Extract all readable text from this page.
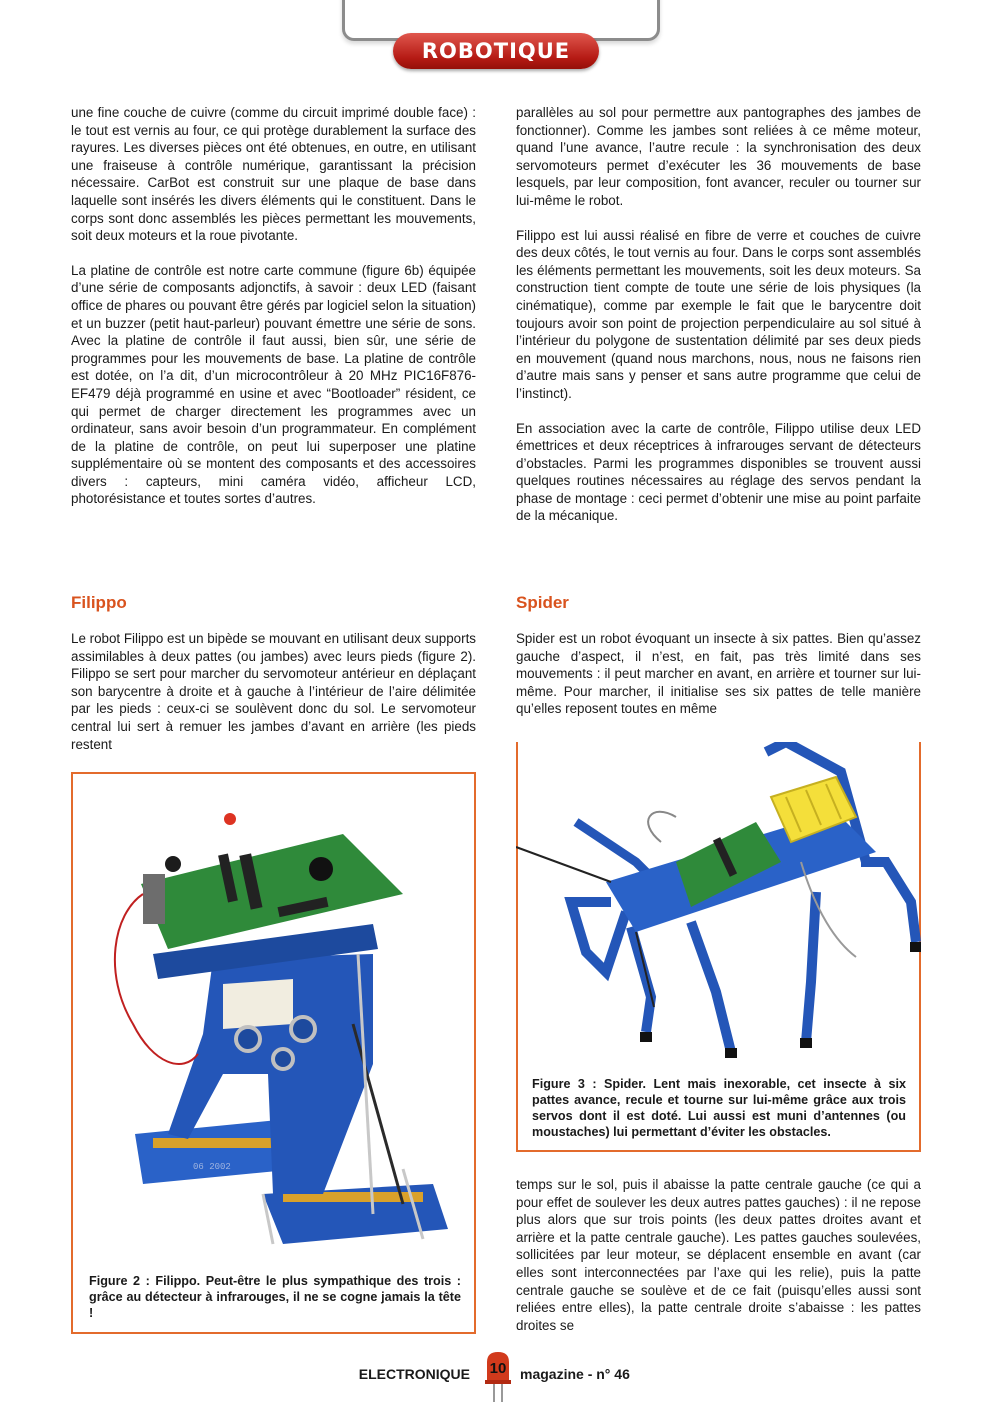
ROBOTIQUE

une fine couche de cuivre (comme du circuit imprimé double face) : le tout est vernis au four, ce qui protège durablement la surface des rayures. Les diverses pièces ont été obtenues, en outre, en utilisant une fraiseuse à contrôle numérique, garantissant la précision nécessaire. CarBot est construit sur une plaque de base dans laquelle sont insérés les divers éléments qui le constituent. Dans le corps sont donc assemblés les pièces permettant les mouvements, soit deux moteurs et la roue pivotante.

La platine de contrôle est notre carte commune (figure 6b) équipée d’une série de composants adjonctifs, à savoir : deux LED (faisant office de phares ou pouvant être gérés par logiciel selon la situation) et un buzzer (petit haut-parleur) pouvant émettre une série de sons. Avec la platine de contrôle il faut aussi, bien sûr, une série de programmes pour les mouvements de base. La platine de contrôle est dotée, on l’a dit, d’un microcontrôleur à 20 MHz PIC16F876-EF479 déjà programmé en usine et avec “Bootloader” résident, ce qui permet de charger directement les programmes avec un ordinateur, sans avoir besoin d’un programmateur. En complément de la platine de contrôle, on peut lui superposer une platine supplémentaire où se montent des composants et des accessoires divers : capteurs, mini caméra vidéo, afficheur LCD, photorésistance et toutes sortes d’autres.

parallèles au sol pour permettre aux pantographes des jambes de fonctionner). Comme les jambes sont reliées à ce même moteur, quand l’une avance, l’autre recule : la synchronisation des deux servomoteurs permet d’exécuter les 36 mouvements de base lesquels, par leur composition, font avancer, reculer ou tourner sur lui-même le robot.

Filippo est lui aussi réalisé en fibre de verre et couches de cuivre des deux côtés, le tout vernis au four. Dans le corps sont assemblés les éléments permettant les mouvements, soit les deux moteurs. Sa construction tient compte de toute une série de lois physiques (la cinématique), comme par exemple le fait que le barycentre doit toujours avoir son point de projection perpendiculaire au sol situé à l’intérieur du polygone de sustentation délimité par ses deux pieds en mouvement (quand nous marchons, nous, nous ne faisons rien d’autre mais sans y penser et sans autre programme que celui de l’instinct).

En association avec la carte de contrôle, Filippo utilise deux LED émettrices et deux réceptrices à infrarouges servant de détecteurs d’obstacles. Parmi les programmes disponibles se trouvent aussi quelques routines nécessaires au réglage des servos pendant la phase de montage : ceci permet d’obtenir une mise au point parfaite de la mécanique.

Filippo	Spider

Le robot Filippo est un bipède se mouvant en utilisant deux supports assimilables à deux pattes (ou jambes) avec leurs pieds (figure 2). Filippo se sert pour marcher du servomoteur antérieur en déplaçant son barycentre à droite et à gauche à l’intérieur de l’aire délimitée par les pieds : ceux-ci se soulèvent donc du sol. Le servomoteur central lui sert à remuer les jambes d’avant en arrière (les pieds restent

Spider est un robot évoquant un insecte à six pattes. Bien qu’assez gauche d’aspect, il n’est, en fait, pas très limité dans ses mouvements : il peut marcher en avant, en arrière et tourner sur lui-même. Pour marcher, il initialise ses six pattes de telle manière qu’elles reposent toutes en même

temps sur le sol, puis il abaisse la patte centrale gauche (ce qui a pour effet de soulever les deux autres pattes gauches) : il ne repose plus alors que sur trois points (les deux pattes droites avant et arrière et la patte centrale gauche). Les pattes gauches soulevées, sollicitées par leur moteur, se déplacent ensemble en avant (car elles sont interconnectées par l’axe qui les relie), puis la patte centrale gauche se soulève et de ce fait (puisqu’elles aussi sont reliées entre elles), la patte centrale droite s’abaisse : les pattes droites se

06 2002
Figure 2 : Filippo. Peut-être le plus sympathique des trois : grâce au détecteur à infrarouges, il ne se cogne jamais la tête !
Figure 3 : Spider. Lent mais inexorable, cet insecte à six pattes avance, recule et tourne sur lui-même grâce aux trois servos dont il est doté. Lui aussi est muni d’antennes (ou moustaches) lui permettant d’éviter les obstacles.
ELECTRONIQUE 10 magazine - n° 46
